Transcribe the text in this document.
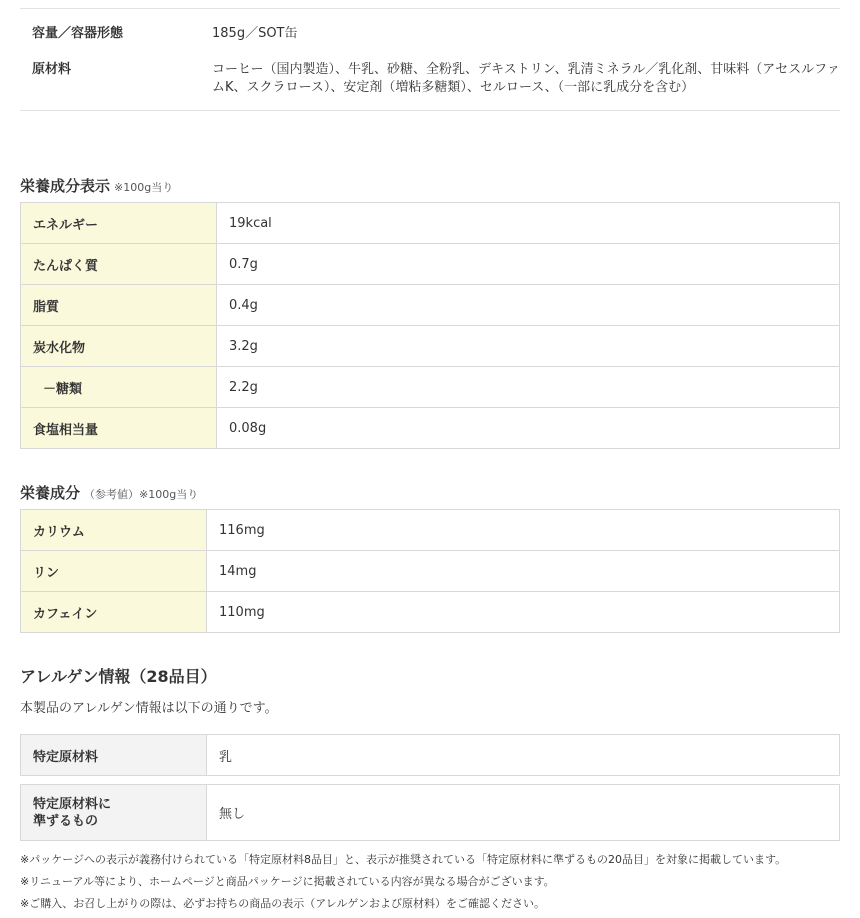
容量／容器形態	185g／SOT缶
原材料	コーヒー（国内製造）、牛乳、砂糖、全粉乳、デキストリン、乳清ミネラル／乳化剤、甘味料（アセスルファムK、スクラロース）、安定剤（増粘多糖類）、セルロース、（一部に乳成分を含む）
栄養成分表示 ※100g当り
エネルギー	19kcal
たんぱく質	0.7g
脂質	0.4g
炭水化物	3.2g
－糖類	2.2g
食塩相当量	0.08g
栄養成分 （参考値）※100g当り
カリウム	116mg
リン	14mg
カフェイン	110mg
アレルゲン情報（28品目）
本製品のアレルゲン情報は以下の通りです。
特定原材料	乳
特定原材料に
準ずるもの	無し
※パッケージへの表示が義務付けられている「特定原材料8品目」と、表示が推奨されている「特定原材料に準ずるもの20品目」を対象に掲載しています。
※リニューアル等により、ホームページと商品パッケージに掲載されている内容が異なる場合がございます。
※ご購入、お召し上がりの際は、必ずお持ちの商品の表示（アレルゲンおよび原材料）をご確認ください。
